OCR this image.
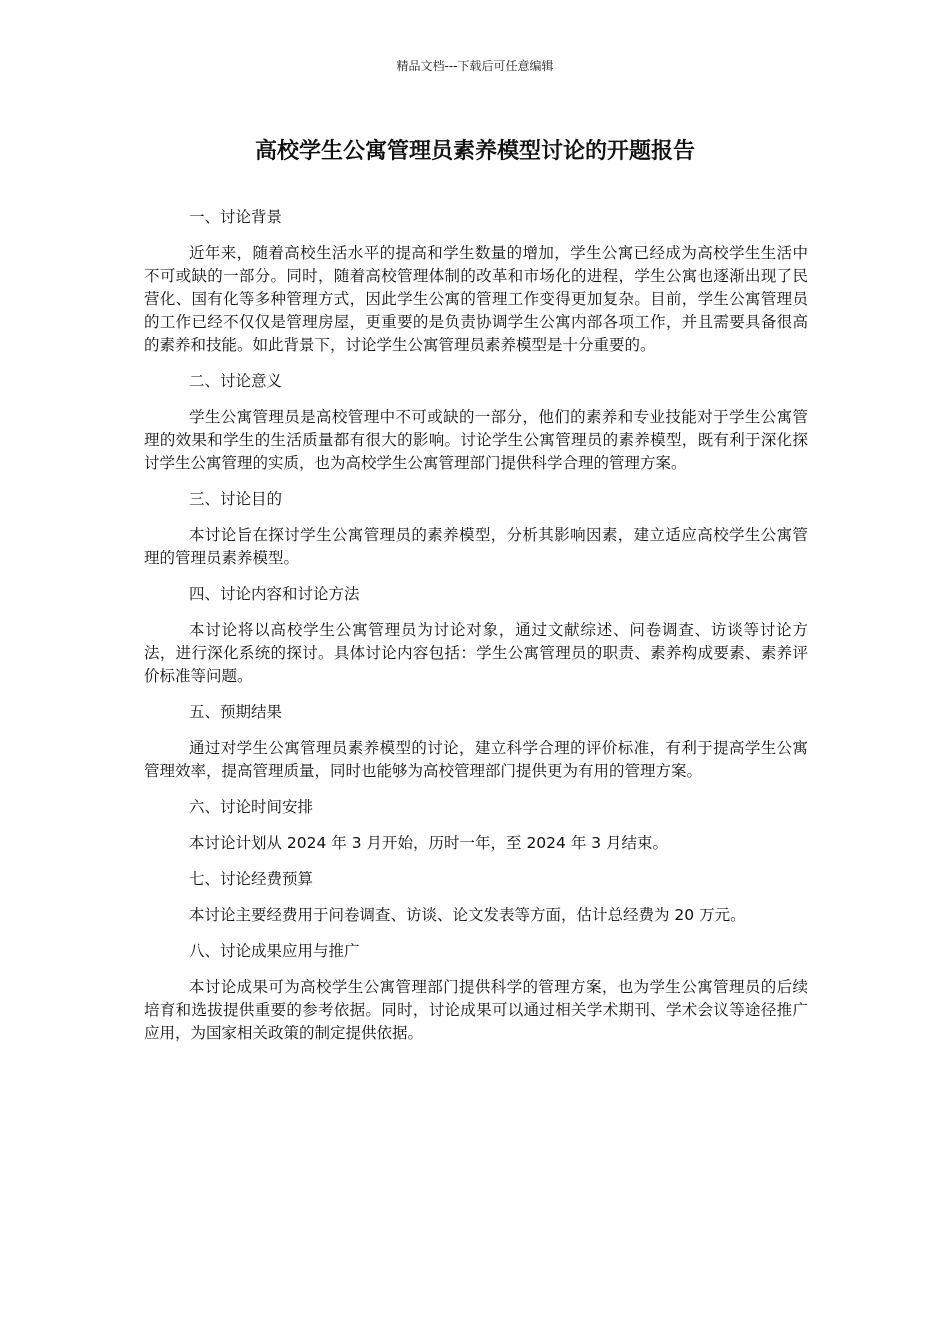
精品文档---下载后可任意编辑
高校学生公寓管理员素养模型讨论的开题报告

一、讨论背景

近年来，随着高校生活水平的提高和学生数量的增加，学生公寓已经成为高校学生生活中不可或缺的一部分。同时，随着高校管理体制的改革和市场化的进程，学生公寓也逐渐出现了民营化、国有化等多种管理方式，因此学生公寓的管理工作变得更加复杂。目前，学生公寓管理员的工作已经不仅仅是管理房屋，更重要的是负责协调学生公寓内部各项工作，并且需要具备很高的素养和技能。如此背景下，讨论学生公寓管理员素养模型是十分重要的。

二、讨论意义

学生公寓管理员是高校管理中不可或缺的一部分，他们的素养和专业技能对于学生公寓管理的效果和学生的生活质量都有很大的影响。讨论学生公寓管理员的素养模型，既有利于深化探讨学生公寓管理的实质，也为高校学生公寓管理部门提供科学合理的管理方案。

三、讨论目的

本讨论旨在探讨学生公寓管理员的素养模型，分析其影响因素，建立适应高校学生公寓管理的管理员素养模型。

四、讨论内容和讨论方法

本讨论将以高校学生公寓管理员为讨论对象，通过文献综述、问卷调查、访谈等讨论方法，进行深化系统的探讨。具体讨论内容包括：学生公寓管理员的职责、素养构成要素、素养评价标准等问题。

五、预期结果

通过对学生公寓管理员素养模型的讨论，建立科学合理的评价标准，有利于提高学生公寓管理效率，提高管理质量，同时也能够为高校管理部门提供更为有用的管理方案。

六、讨论时间安排

本讨论计划从 2024 年 3 月开始，历时一年，至 2024 年 3 月结束。

七、讨论经费预算

本讨论主要经费用于问卷调查、访谈、论文发表等方面，估计总经费为 20 万元。

八、讨论成果应用与推广

本讨论成果可为高校学生公寓管理部门提供科学的管理方案，也为学生公寓管理员的后续培育和选拔提供重要的参考依据。同时，讨论成果可以通过相关学术期刊、学术会议等途径推广应用，为国家相关政策的制定提供依据。
